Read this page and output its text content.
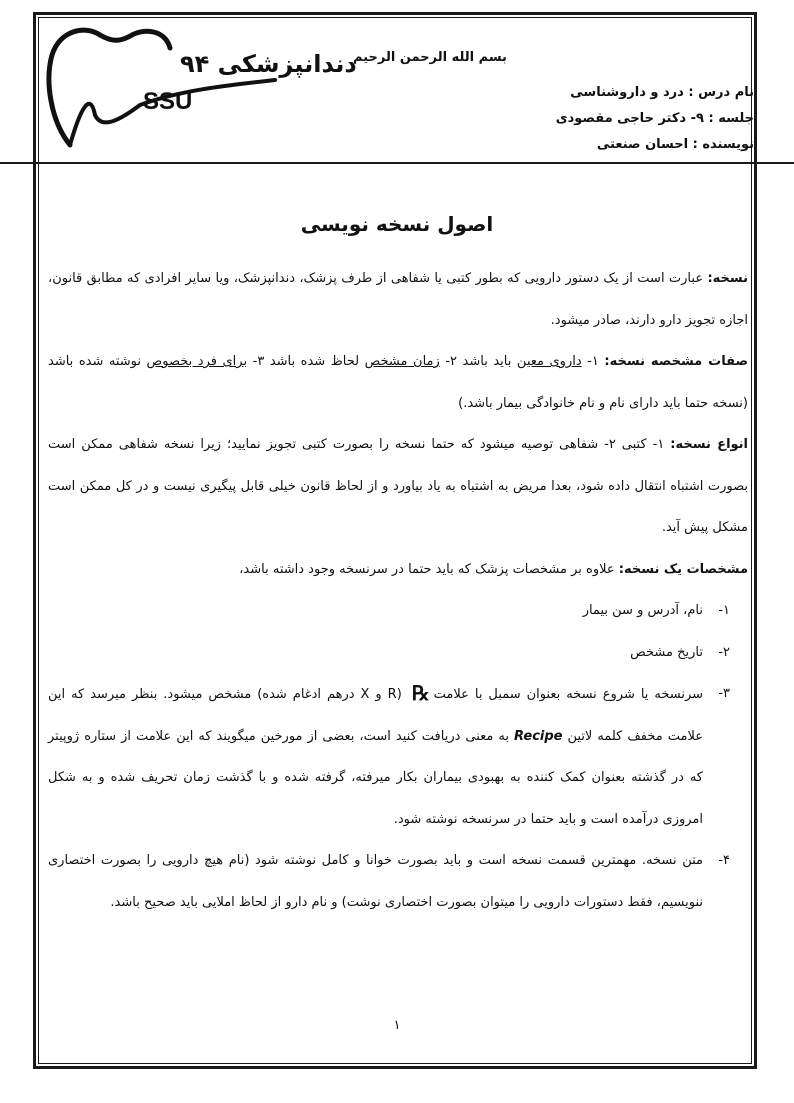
دندانپزشکی ۹۴
SSU
بسم الله الرحمن الرحیم
نام درس : درد و داروشناسی
جلسه : ۹- دکتر حاجی مقصودی
نویسنده : احسان صنعتی
اصول نسخه نویسی

نسخه: عبارت است از یک دستور دارویی که بطور کتبی یا شفاهی از طرف پزشک، دندانپزشک، ویا سایر افرادی که مطابق قانون، اجازه تجویز دارو دارند، صادر میشود.

صفات مشخصه نسخه: ۱- داروی معین باید باشد ۲- زمان مشخص لحاظ شده باشد ۳- برای فرد بخصوص نوشته شده باشد (نسخه حتما باید دارای نام و نام خانوادگی بیمار باشد.)

انواع نسخه: ۱- کتبی ۲- شفاهی توصیه میشود که حتما نسخه را بصورت کتبی تجویز نمایید؛ زیرا نسخه شفاهی ممکن است بصورت اشتباه انتقال داده شود، بعدا مریض به اشتباه به یاد بیاورد و از لحاظ قانون خیلی قابل پیگیری نیست و در کل ممکن است مشکل پیش آید.

مشخصات یک نسخه: علاوه بر مشخصات پزشک که باید حتما در سرنسخه وجود داشته باشد،

۱-
نام، آدرس و سن بیمار

۲-
تاریخ مشخص

۳-
سرنسخه یا شروع نسخه بعنوان سمبل با علامت℞ (R و X درهم ادغام شده) مشخص میشود. بنظر میرسد که این علامت مخفف کلمه لاتین Recipe به معنی دریافت کنید است، بعضی از مورخین میگویند که این علامت از ستاره ژوپیتر که در گذشته بعنوان کمک کننده به بهبودی بیماران بکار میرفته، گرفته شده و با گذشت زمان تحریف شده و به شکل امروزی درآمده است و باید حتما در سرنسخه نوشته شود.

۴-
متن نسخه. مهمترین قسمت نسخه است و باید بصورت خوانا و کامل نوشته شود (نام هیچ دارویی را بصورت اختصاری ننویسیم، فقط دستورات دارویی را میتوان بصورت اختصاری نوشت) و نام دارو از لحاظ املایی باید صحیح باشد.

۱
